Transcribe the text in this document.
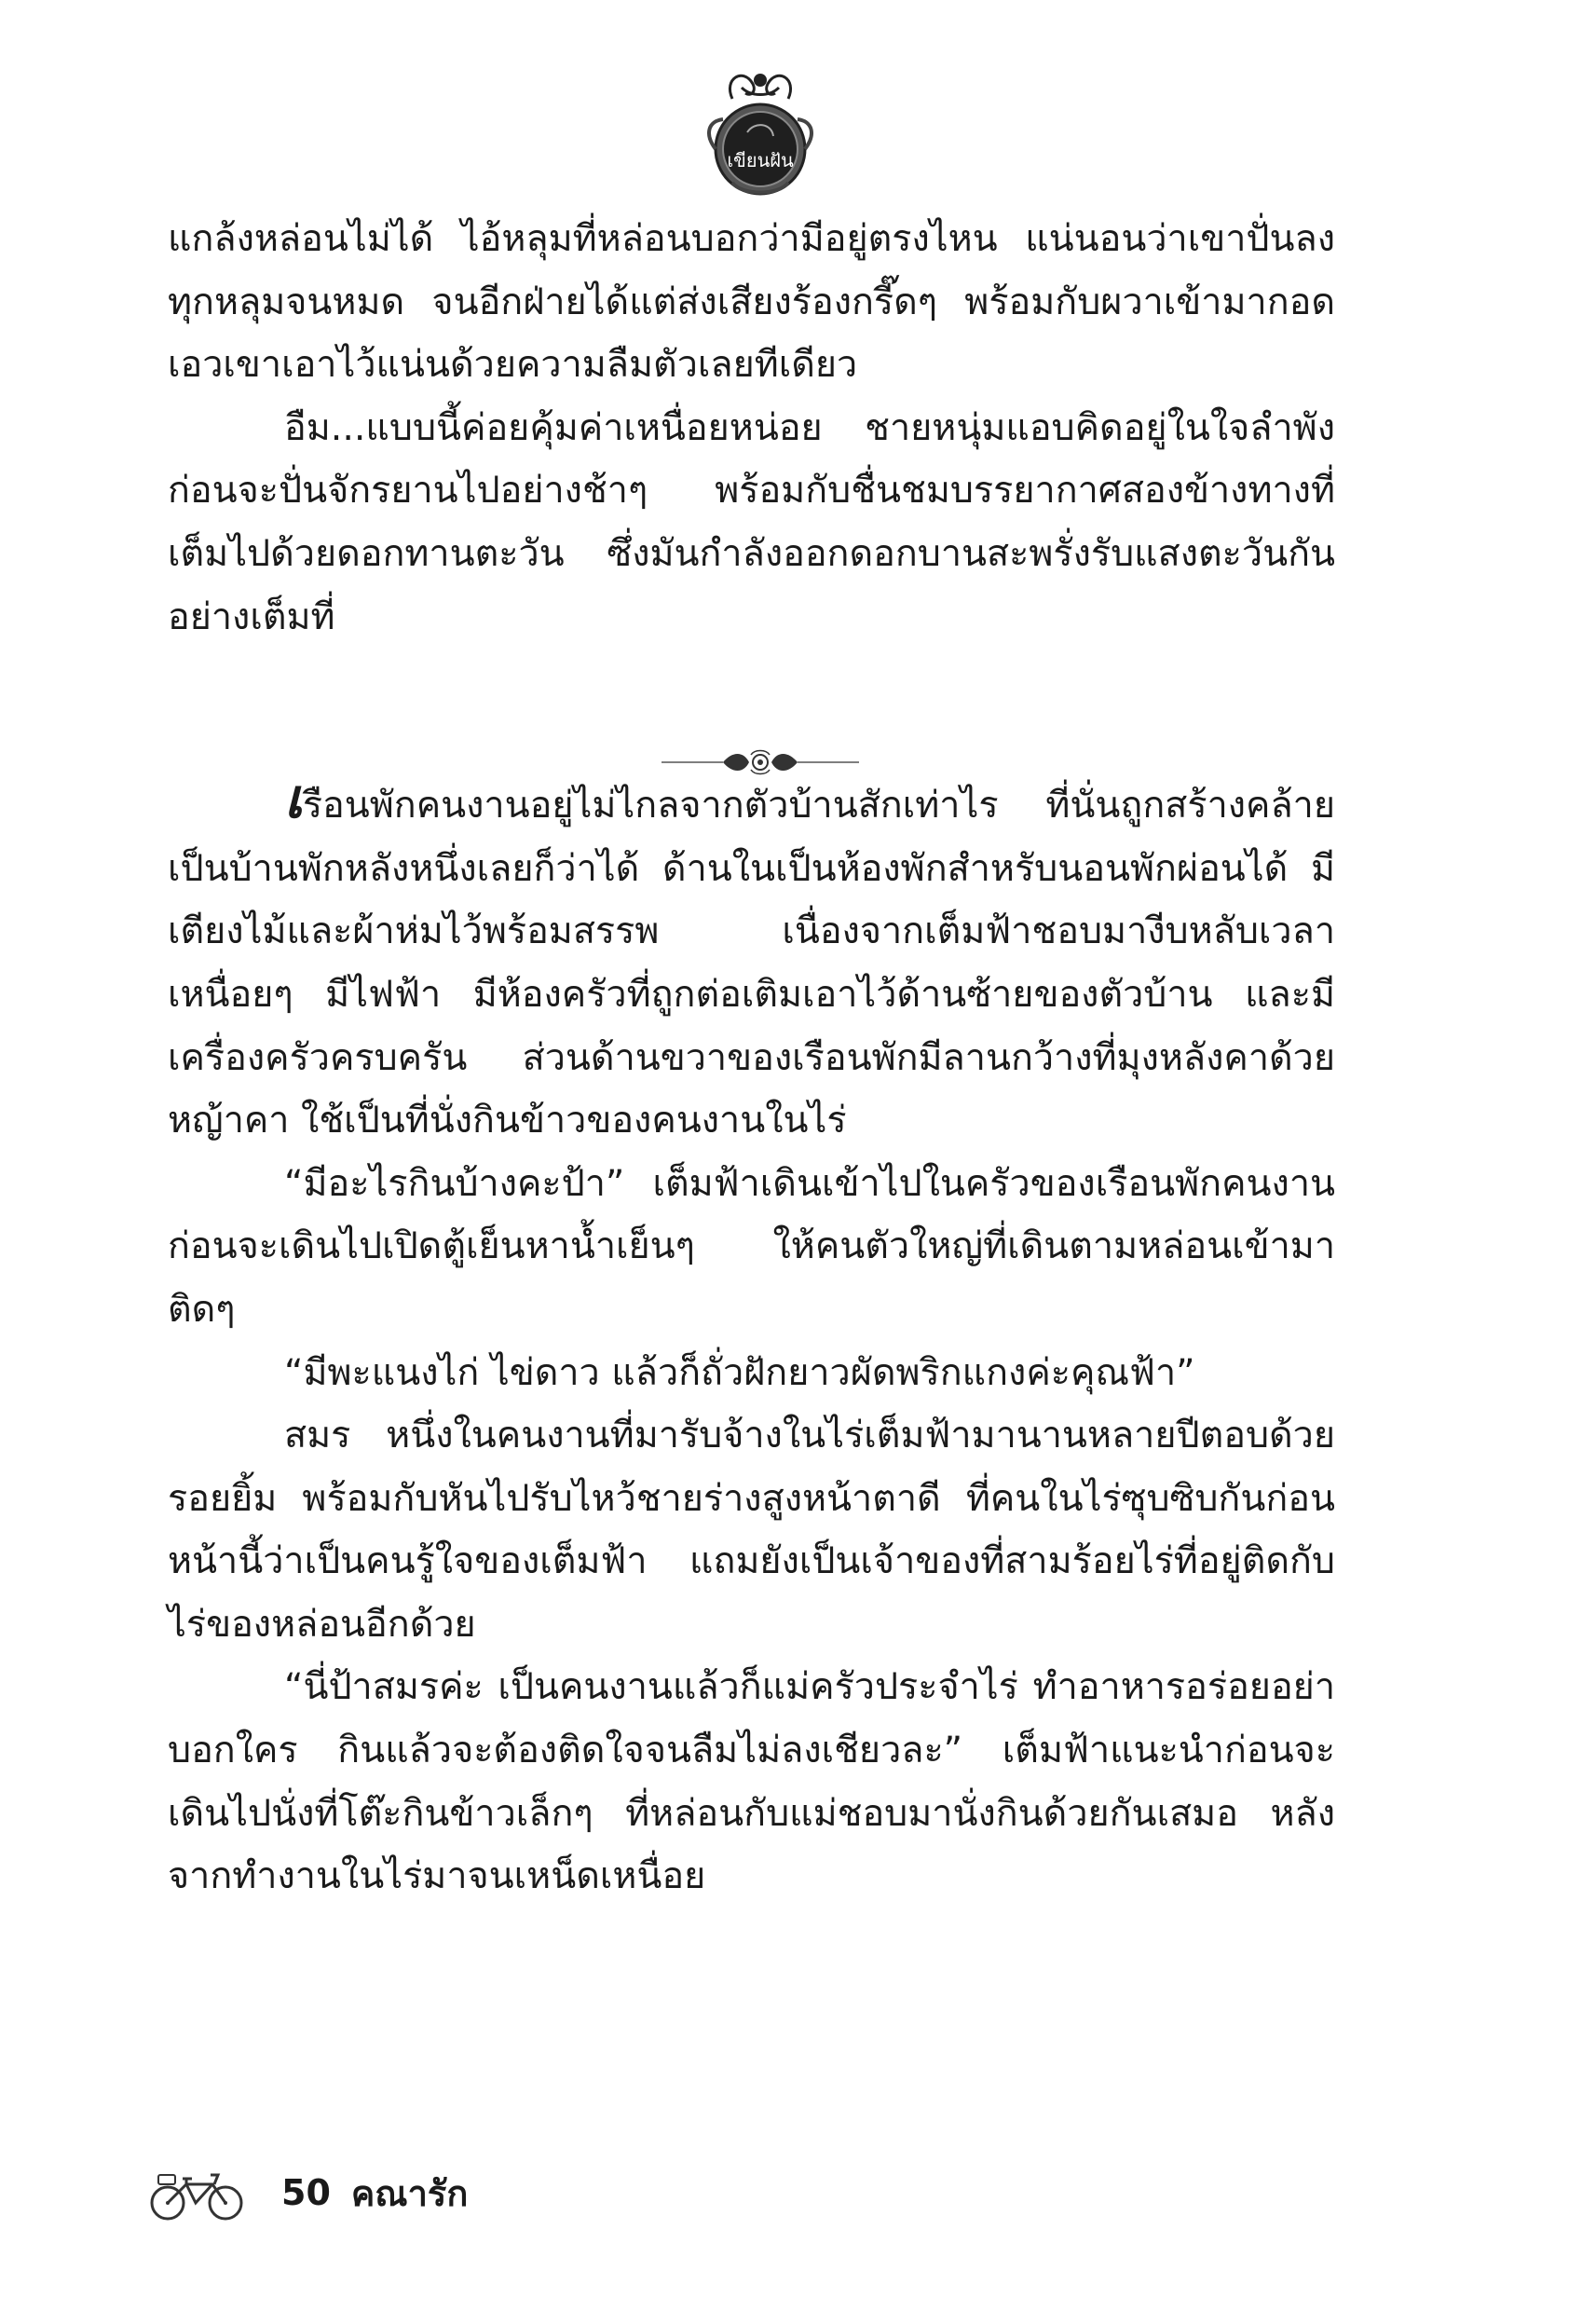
เขียนฝัน

แกล้งหล่อนไม่ได้ ไอ้หลุมที่หล่อนบอกว่ามีอยู่ตรงไหน แน่นอนว่าเขาปั่นลงทุกหลุมจนหมด จนอีกฝ่ายได้แต่ส่งเสียงร้องกรี๊ดๆ พร้อมกับผวาเข้ามากอดเอวเขาเอาไว้แน่นด้วยความลืมตัวเลยทีเดียว

อืม...แบบนี้ค่อยคุ้มค่าเหนื่อยหน่อย ชายหนุ่มแอบคิดอยู่ในใจลำพัง ก่อนจะปั่นจักรยานไปอย่างช้าๆ พร้อมกับชื่นชมบรรยากาศสองข้างทางที่เต็มไปด้วยดอกทานตะวัน ซึ่งมันกำลังออกดอกบานสะพรั่งรับแสงตะวันกันอย่างเต็มที่

เรือนพักคนงานอยู่ไม่ไกลจากตัวบ้านสักเท่าไร ที่นั่นถูกสร้างคล้ายเป็นบ้านพักหลังหนึ่งเลยก็ว่าได้ ด้านในเป็นห้องพักสำหรับนอนพักผ่อนได้ มีเตียงไม้และผ้าห่มไว้พร้อมสรรพ เนื่องจากเต็มฟ้าชอบมางีบหลับเวลาเหนื่อยๆ มีไฟฟ้า มีห้องครัวที่ถูกต่อเติมเอาไว้ด้านซ้ายของตัวบ้าน และมีเครื่องครัวครบครัน ส่วนด้านขวาของเรือนพักมีลานกว้างที่มุงหลังคาด้วยหญ้าคา ใช้เป็นที่นั่งกินข้าวของคนงานในไร่

“มีอะไรกินบ้างคะป้า” เต็มฟ้าเดินเข้าไปในครัวของเรือนพักคนงาน ก่อนจะเดินไปเปิดตู้เย็นหาน้ำเย็นๆ ให้คนตัวใหญ่ที่เดินตามหล่อนเข้ามาติดๆ

“มีพะแนงไก่ ไข่ดาว แล้วก็ถั่วฝักยาวผัดพริกแกงค่ะคุณฟ้า”

สมร หนึ่งในคนงานที่มารับจ้างในไร่เต็มฟ้ามานานหลายปีตอบด้วยรอยยิ้ม พร้อมกับหันไปรับไหว้ชายร่างสูงหน้าตาดี ที่คนในไร่ซุบซิบกันก่อนหน้านี้ว่าเป็นคนรู้ใจของเต็มฟ้า แถมยังเป็นเจ้าของที่สามร้อยไร่ที่อยู่ติดกับไร่ของหล่อนอีกด้วย

“นี่ป้าสมรค่ะ เป็นคนงานแล้วก็แม่ครัวประจำไร่ ทำอาหารอร่อยอย่าบอกใคร กินแล้วจะต้องติดใจจนลืมไม่ลงเชียวละ” เต็มฟ้าแนะนำก่อนจะเดินไปนั่งที่โต๊ะกินข้าวเล็กๆ ที่หล่อนกับแม่ชอบมานั่งกินด้วยกันเสมอ หลังจากทำงานในไร่มาจนเหน็ดเหนื่อย

50 คณารัก
